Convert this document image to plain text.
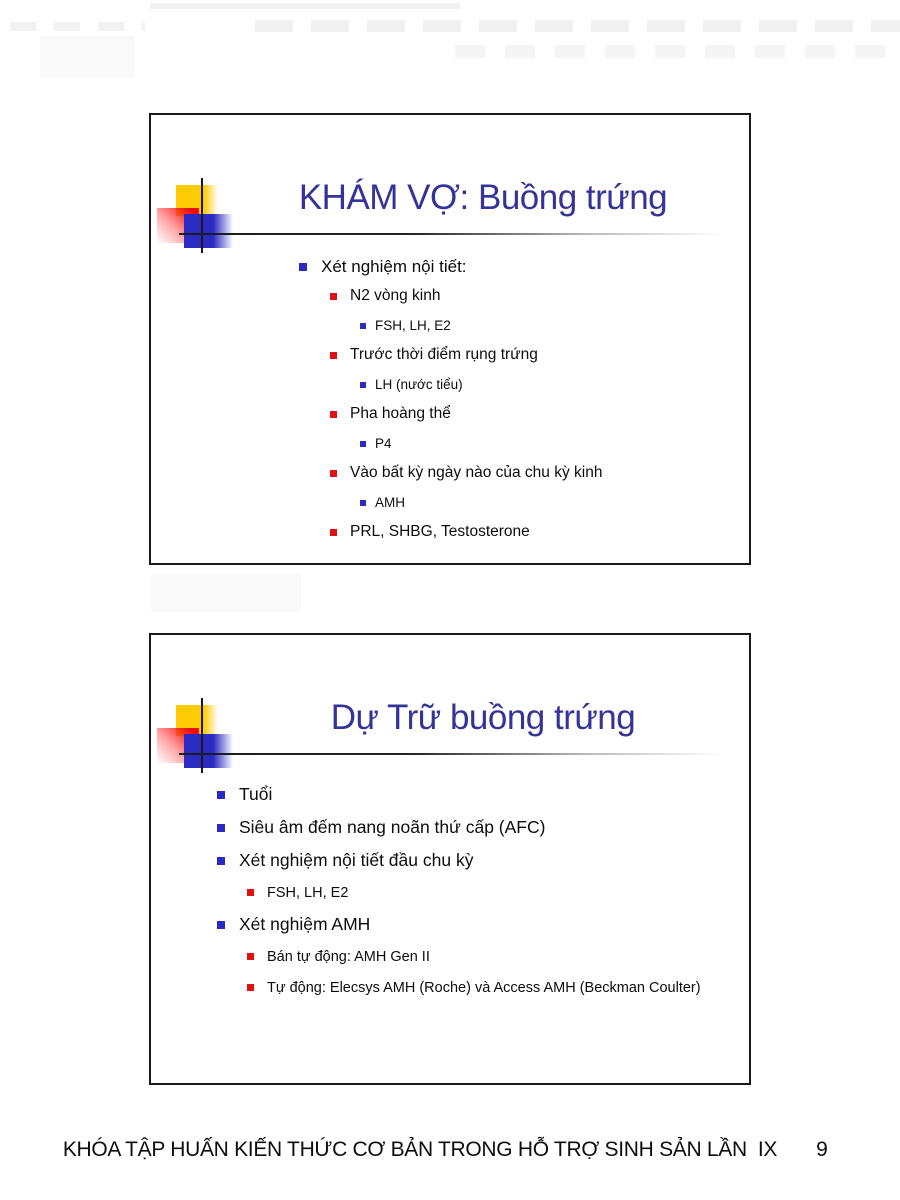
KHÁM VỢ: Buồng trứng
Xét nghiệm nội tiết:
N2 vòng kinh
FSH, LH, E2
Trước thời điểm rụng trứng
LH (nước tiểu)
Pha hoàng thể
P4
Vào bất kỳ ngày nào của chu kỳ kinh
AMH
PRL, SHBG, Testosterone
Dự Trữ buồng trứng
Tuổi
Siêu âm đếm nang noãn thứ cấp (AFC)
Xét nghiệm nội tiết đầu chu kỳ
FSH, LH, E2
Xét nghiệm AMH
Bán tự động: AMH Gen II
Tự động: Elecsys AMH (Roche) và Access AMH (Beckman Coulter)
KHÓA TẬP HUẤN KIẾN THỨC CƠ BẢN TRONG HỖ TRỢ SINH SẢN LẦN  IX	9
